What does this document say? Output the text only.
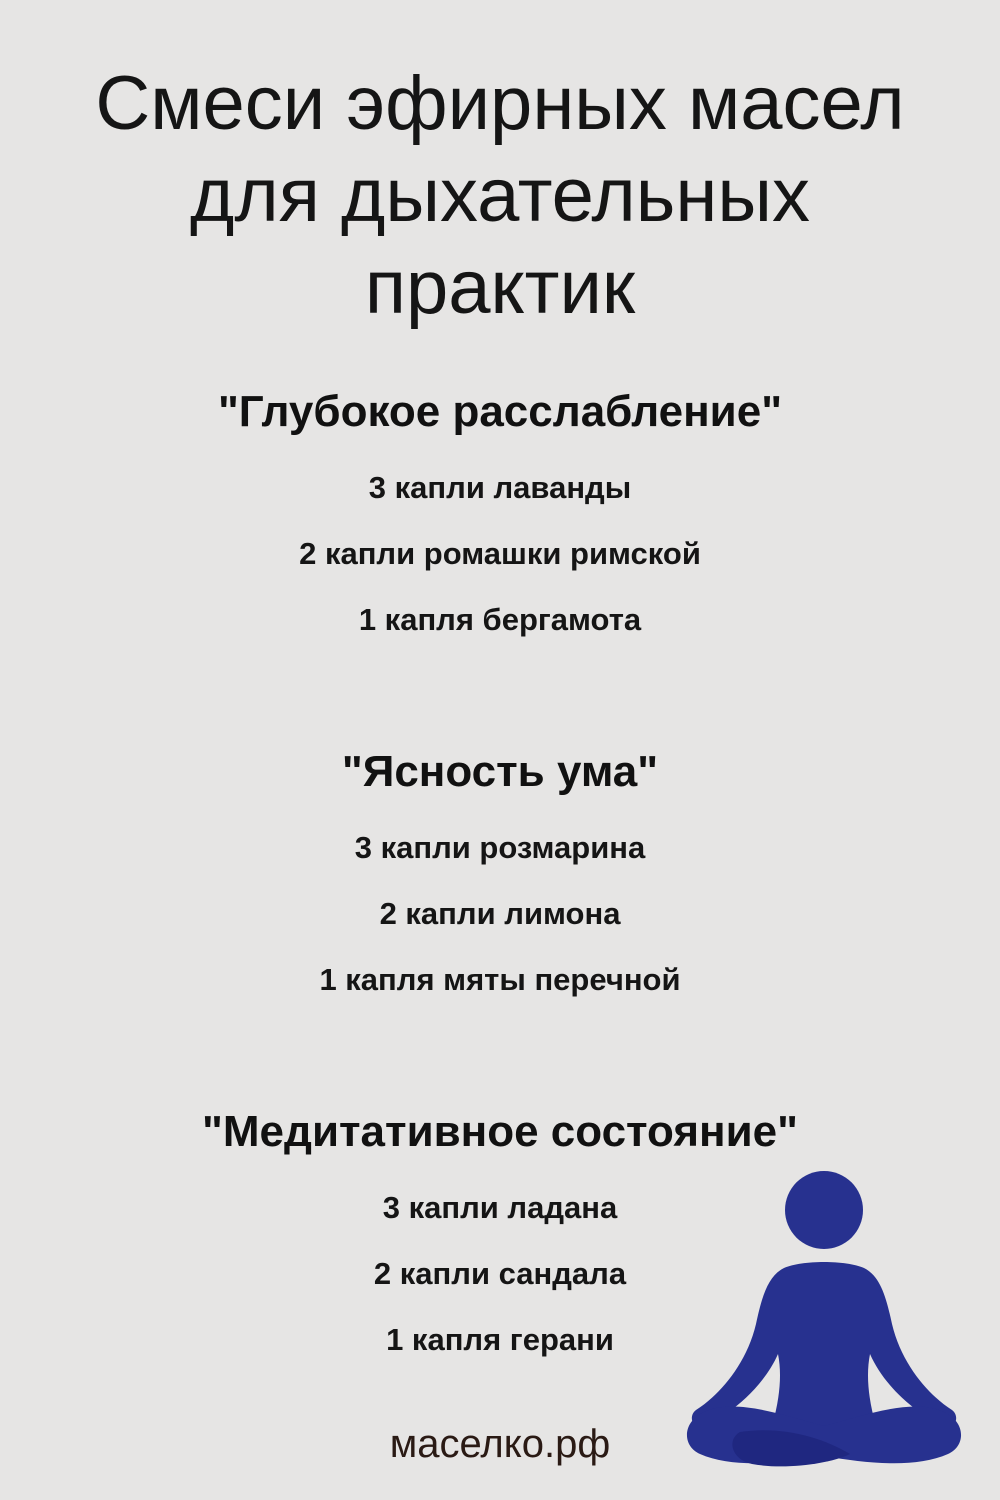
Смеси эфирных масел
для дыхательных
практик
"Глубокое расслабление"
3 капли лаванды
2 капли ромашки римской
1 капля бергамота
"Ясность ума"
3 капли розмарина
2 капли лимона
1 капля мяты перечной
"Медитативное состояние"
3 капли ладана
2 капли сандала
1 капля герани
маселко.рф
